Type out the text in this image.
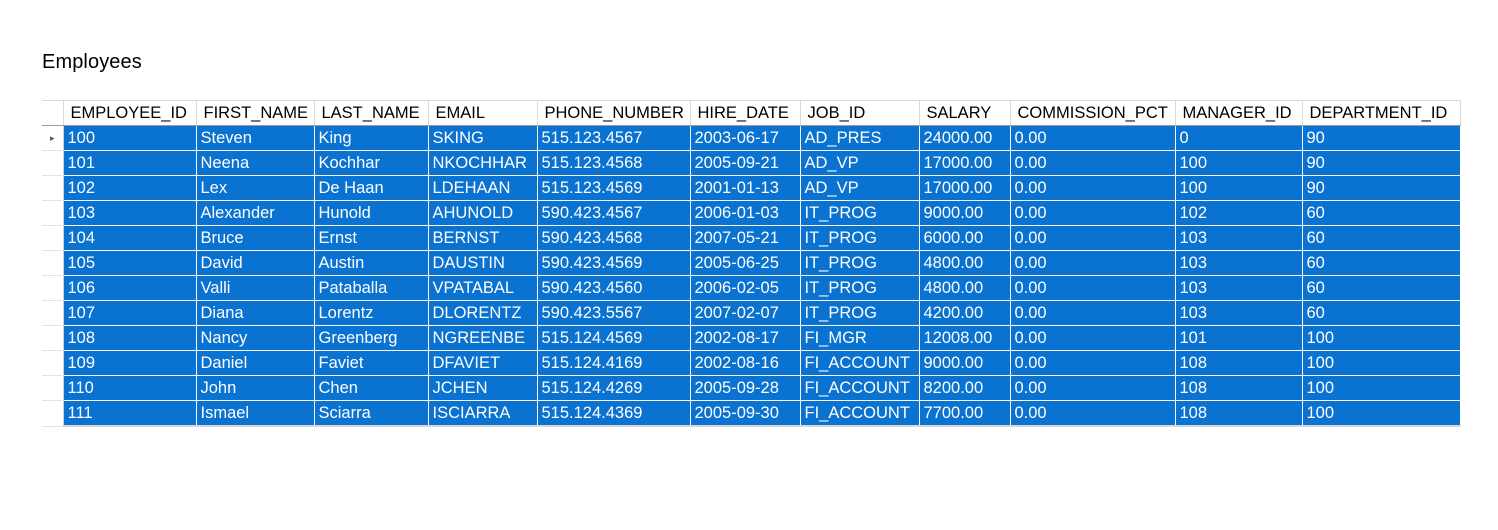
Employees
	EMPLOYEE_ID	FIRST_NAME	LAST_NAME	EMAIL	PHONE_NUMBER	HIRE_DATE	JOB_ID	SALARY	COMMISSION_PCT	MANAGER_ID	DEPARTMENT_ID
▸	100	Steven	King	SKING	515.123.4567	2003-06-17	AD_PRES	24000.00	0.00	0	90
	101	Neena	Kochhar	NKOCHHAR	515.123.4568	2005-09-21	AD_VP	17000.00	0.00	100	90
	102	Lex	De Haan	LDEHAAN	515.123.4569	2001-01-13	AD_VP	17000.00	0.00	100	90
	103	Alexander	Hunold	AHUNOLD	590.423.4567	2006-01-03	IT_PROG	9000.00	0.00	102	60
	104	Bruce	Ernst	BERNST	590.423.4568	2007-05-21	IT_PROG	6000.00	0.00	103	60
	105	David	Austin	DAUSTIN	590.423.4569	2005-06-25	IT_PROG	4800.00	0.00	103	60
	106	Valli	Pataballa	VPATABAL	590.423.4560	2006-02-05	IT_PROG	4800.00	0.00	103	60
	107	Diana	Lorentz	DLORENTZ	590.423.5567	2007-02-07	IT_PROG	4200.00	0.00	103	60
	108	Nancy	Greenberg	NGREENBE	515.124.4569	2002-08-17	FI_MGR	12008.00	0.00	101	100
	109	Daniel	Faviet	DFAVIET	515.124.4169	2002-08-16	FI_ACCOUNT	9000.00	0.00	108	100
	110	John	Chen	JCHEN	515.124.4269	2005-09-28	FI_ACCOUNT	8200.00	0.00	108	100
	111	Ismael	Sciarra	ISCIARRA	515.124.4369	2005-09-30	FI_ACCOUNT	7700.00	0.00	108	100
